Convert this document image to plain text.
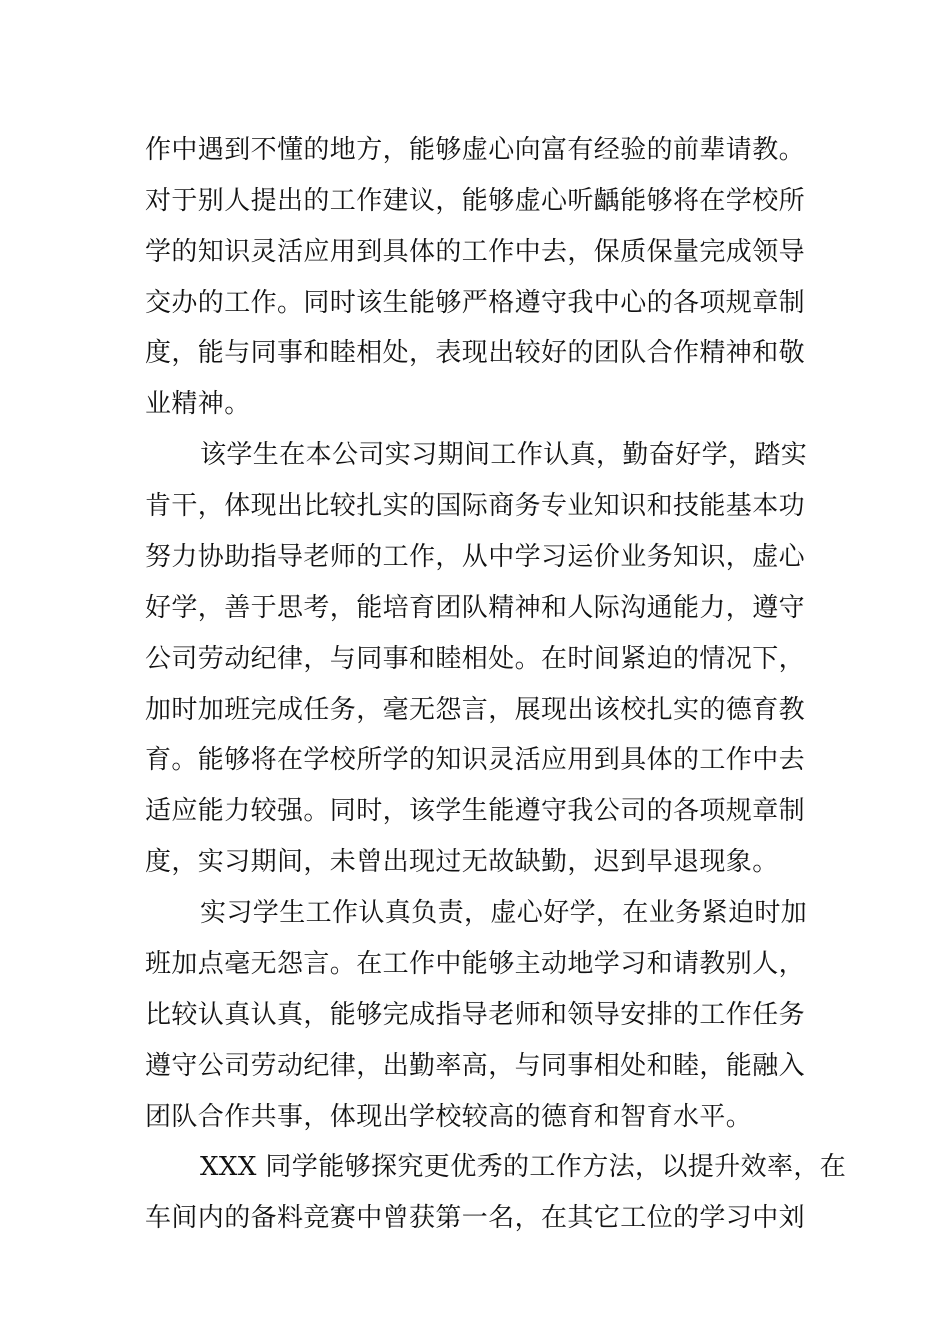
作中遇到不懂的地方，能够虚心向富有经验的前辈请教。
对于别人提出的工作建议，能够虚心听齲能够将在学校所
学的知识灵活应用到具体的工作中去，保质保量完成领导
交办的工作。同时该生能够严格遵守我中心的各项规章制
度，能与同事和睦相处，表现出较好的团队合作精神和敬
业精神。
该学生在本公司实习期间工作认真，勤奋好学，踏实
肯干，体现出比较扎实的国际商务专业知识和技能基本功
努力协助指导老师的工作，从中学习运价业务知识，虚心
好学，善于思考，能培育团队精神和人际沟通能力，遵守
公司劳动纪律，与同事和睦相处。在时间紧迫的情况下，
加时加班完成任务，毫无怨言，展现出该校扎实的德育教
育。能够将在学校所学的知识灵活应用到具体的工作中去
适应能力较强。同时，该学生能遵守我公司的各项规章制
度，实习期间，未曾出现过无故缺勤，迟到早退现象。
实习学生工作认真负责，虚心好学，在业务紧迫时加
班加点毫无怨言。在工作中能够主动地学习和请教别人，
比较认真认真，能够完成指导老师和领导安排的工作任务
遵守公司劳动纪律，出勤率高，与同事相处和睦，能融入
团队合作共事，体现出学校较高的德育和智育水平。
XXX 同学能够探究更优秀的工作方法，以提升效率，在
车间内的备料竞赛中曾获第一名，在其它工位的学习中刘
